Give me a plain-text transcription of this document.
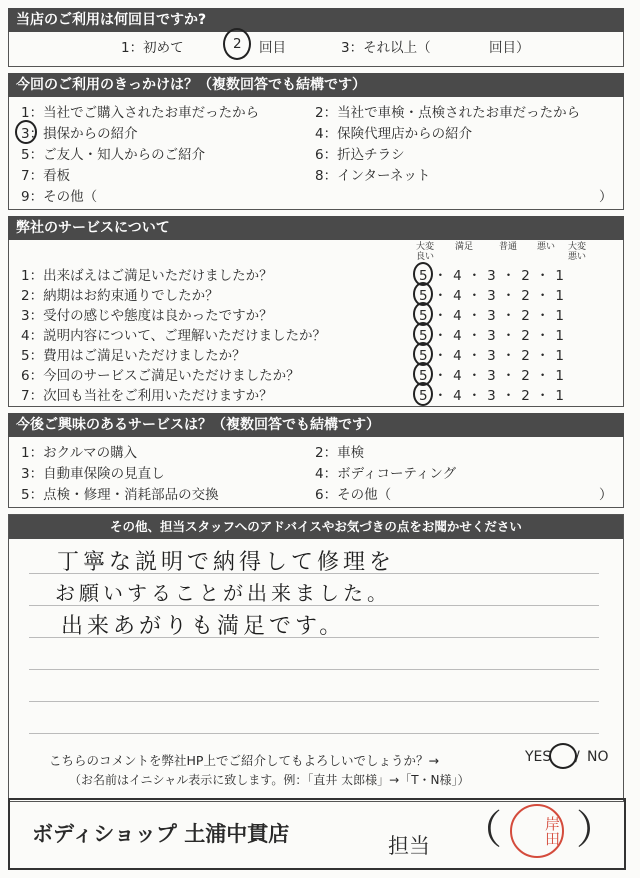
当店のご利用は何回目ですか?
1：初めて	2 回目	3：それ以上（	回目）
今回のご利用のきっかけは？（複数回答でも結構です）
1：当社でご購入されたお車だったから	2：当社で車検・点検されたお車だったから
3：損保からの紹介	4：保険代理店からの紹介
5：ご友人・知人からのご紹介	6：折込チラシ
7：看板	8：インターネット
9：その他（	）
弊社のサービスについて
大変良い
満足	普通	悪い	大変悪い
1：出来ばえはご満足いただけましたか？	5・4・3・2・1
2：納期はお約束通りでしたか？	5・4・3・2・1
3：受付の感じや態度は良かったですか？	5・4・3・2・1
4：説明内容について、ご理解いただけましたか？	5・4・3・2・1
5：費用はご満足いただけましたか？	5・4・3・2・1
6：今回のサービスご満足いただけましたか？	5・4・3・2・1
7：次回も当社をご利用いただけますか？	5・4・3・2・1
今後ご興味のあるサービスは？（複数回答でも結構です）
1：おクルマの購入	2：車検
3：自動車保険の見直し	4：ボディコーティング
5：点検・修理・消耗部品の交換	6：その他（	）
その他、担当スタッフへのアドバイスやお気づきの点をお聞かせください
丁寧な説明で納得して修理を
お願いすることが出来ました。
出来あがりも満足です。
こちらのコメントを弊社HP上でご紹介してもよろしいでしょうか？→	YES / NO
（お名前はイニシャル表示に致します。例：「直井 太郎様」→「T・N様」）
ボディショップ 土浦中貫店	担当 （	岸田 ）
